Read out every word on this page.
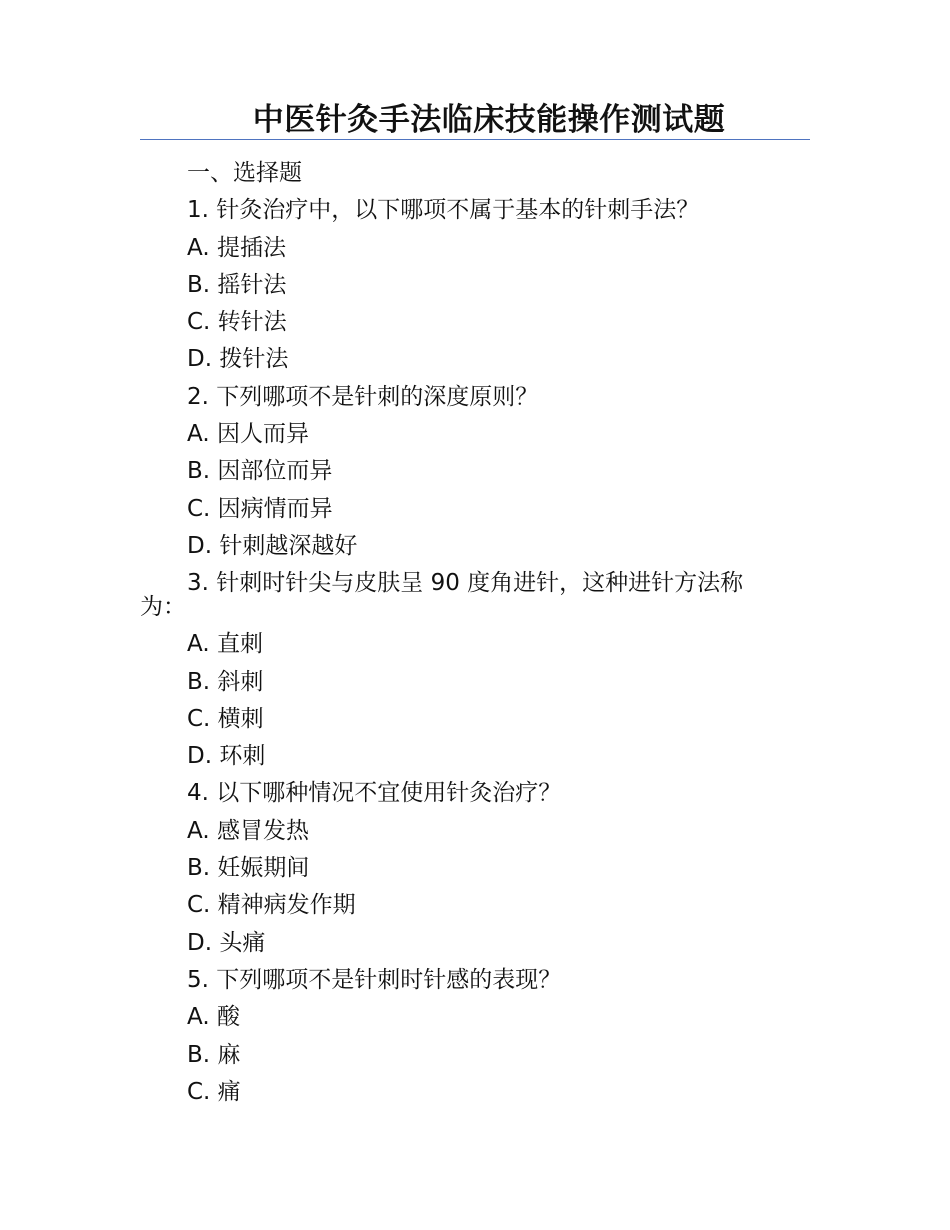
中医针灸手法临床技能操作测试题
一、选择题
1. 针灸治疗中，以下哪项不属于基本的针刺手法？
A. 提插法
B. 摇针法
C. 转针法
D. 拨针法
2. 下列哪项不是针刺的深度原则？
A. 因人而异
B. 因部位而异
C. 因病情而异
D. 针刺越深越好
3. 针刺时针尖与皮肤呈 90 度角进针，这种进针方法称为：
A. 直刺
B. 斜刺
C. 横刺
D. 环刺
4. 以下哪种情况不宜使用针灸治疗？
A. 感冒发热
B. 妊娠期间
C. 精神病发作期
D. 头痛
5. 下列哪项不是针刺时针感的表现？
A. 酸
B. 麻
C. 痛
